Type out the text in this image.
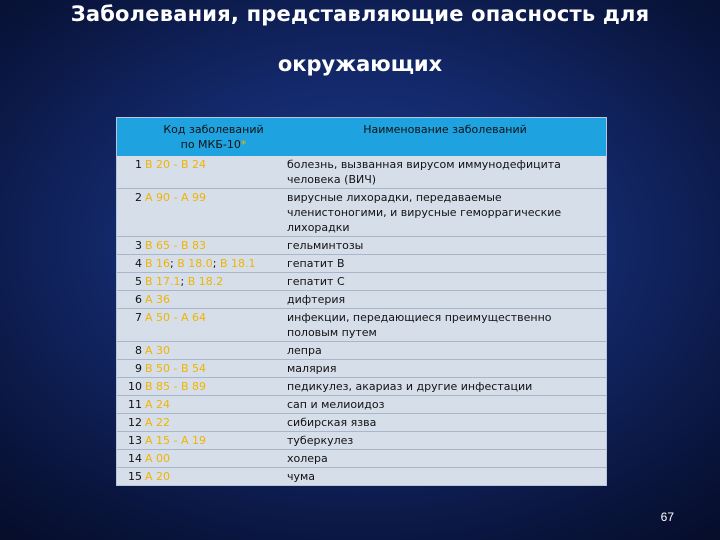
Заболевания, представляющие опасность для
окружающих
	Код заболеваний
по МКБ-10*	Наименование заболеваний
1	В 20 - В 24	болезнь, вызванная вирусом иммунодефицита человека (ВИЧ)
2	А 90 - А 99	вирусные лихорадки, передаваемые членистоногими, и вирусные геморрагические лихорадки
3	В 65 - В 83	гельминтозы
4	В 16; В 18.0; В 18.1	гепатит В
5	В 17.1; В 18.2	гепатит С
6	А 36	дифтерия
7	А 50 - А 64	инфекции, передающиеся преимущественно половым путем
8	А 30	лепра
9	В 50 - В 54	малярия
10	В 85 - В 89	педикулез, акариаз и другие инфестации
11	А 24	сап и мелиоидоз
12	А 22	сибирская язва
13	А 15 - А 19	туберкулез
14	А 00	холера
15	А 20	чума
67
